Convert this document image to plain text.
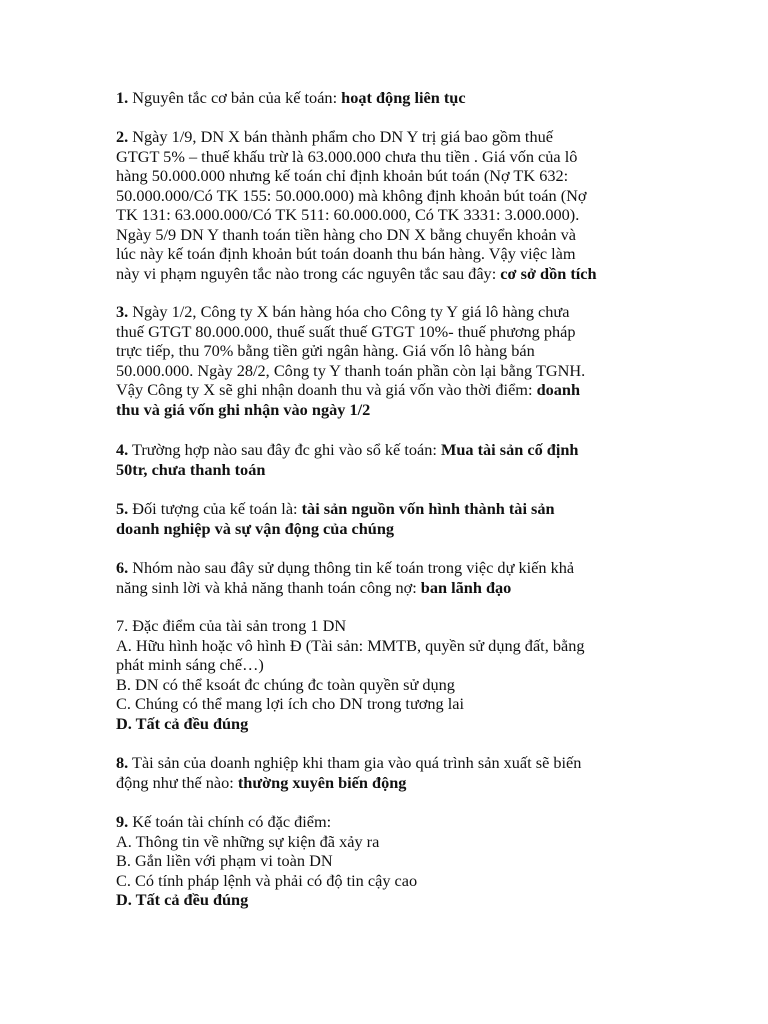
1. Nguyên tắc cơ bản của kế toán: hoạt động liên tục
2. Ngày 1/9, DN X bán thành phẩm cho DN Y trị giá bao gồm thuế
GTGT 5% – thuế khấu trừ là 63.000.000 chưa thu tiền . Giá vốn của lô
hàng 50.000.000 nhưng kế toán chỉ định khoản bút toán (Nợ TK 632:
50.000.000/Có TK 155: 50.000.000) mà không định khoản bút toán (Nợ
TK 131: 63.000.000/Có TK 511: 60.000.000, Có TK 3331: 3.000.000).
Ngày 5/9 DN Y thanh toán tiền hàng cho DN X bằng chuyển khoản và
lúc này kế toán định khoản bút toán doanh thu bán hàng. Vậy việc làm
này vi phạm nguyên tắc nào trong các nguyên tắc sau đây: cơ sở dồn tích
3. Ngày 1/2, Công ty X bán hàng hóa cho Công ty Y giá lô hàng chưa
thuế GTGT 80.000.000, thuế suất thuế GTGT 10%- thuế phương pháp
trực tiếp, thu 70% bằng tiền gửi ngân hàng. Giá vốn lô hàng bán
50.000.000. Ngày 28/2, Công ty Y thanh toán phần còn lại bằng TGNH.
Vậy Công ty X sẽ ghi nhận doanh thu và giá vốn vào thời điểm: doanh
thu và giá vốn ghi nhận vào ngày 1/2
4. Trường hợp nào sau đây đc ghi vào sổ kế toán: Mua tài sản cố định
50tr, chưa thanh toán
5. Đối tượng của kế toán là: tài sản nguồn vốn hình thành tài sản
doanh nghiệp và sự vận động của chúng
6. Nhóm nào sau đây sử dụng thông tin kế toán trong việc dự kiến khả
năng sinh lời và khả năng thanh toán công nợ: ban lãnh đạo
7. Đặc điểm của tài sản trong 1 DN
A. Hữu hình hoặc vô hình Đ (Tài sản: MMTB, quyền sử dụng đất, bằng
phát minh sáng chế…)
B. DN có thể ksoát đc chúng đc toàn quyền sử dụng
C. Chúng có thể mang lợi ích cho DN trong tương lai
D. Tất cả đều đúng
8. Tài sản của doanh nghiệp khi tham gia vào quá trình sản xuất sẽ biến
động như thế nào: thường xuyên biến động
9. Kế toán tài chính có đặc điểm:
A. Thông tin về những sự kiện đã xảy ra
B. Gắn liền với phạm vi toàn DN
C. Có tính pháp lệnh và phải có độ tin cậy cao
D. Tất cả đều đúng
